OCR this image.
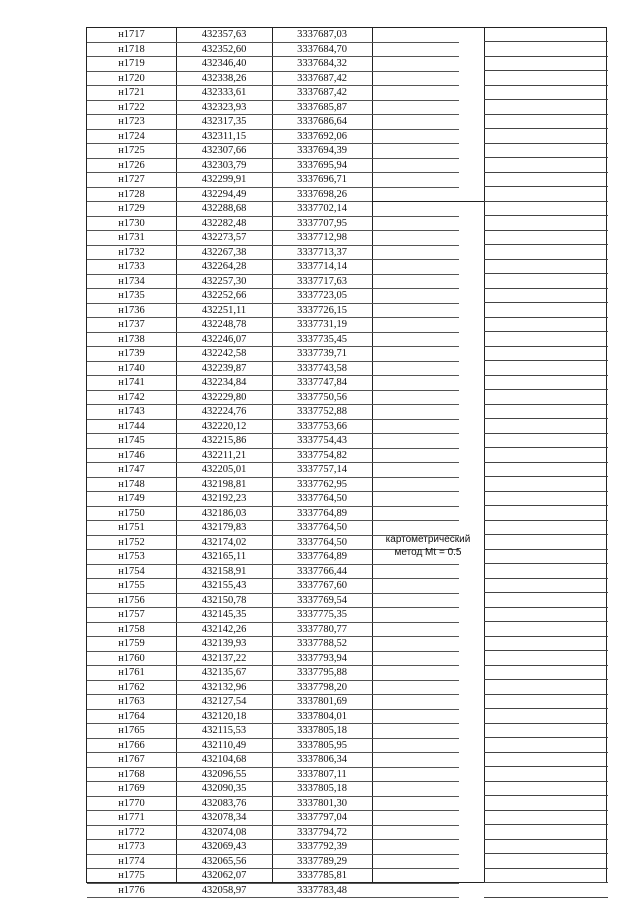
н1717	432357,63	3337687,03
н1718	432352,60	3337684,70
н1719	432346,40	3337684,32
н1720	432338,26	3337687,42
н1721	432333,61	3337687,42
н1722	432323,93	3337685,87
н1723	432317,35	3337686,64
н1724	432311,15	3337692,06
н1725	432307,66	3337694,39
н1726	432303,79	3337695,94
н1727	432299,91	3337696,71
н1728	432294,49	3337698,26
н1729	432288,68	3337702,14
н1730	432282,48	3337707,95
н1731	432273,57	3337712,98
н1732	432267,38	3337713,37
н1733	432264,28	3337714,14
н1734	432257,30	3337717,63
н1735	432252,66	3337723,05
н1736	432251,11	3337726,15
н1737	432248,78	3337731,19
н1738	432246,07	3337735,45
н1739	432242,58	3337739,71
н1740	432239,87	3337743,58
н1741	432234,84	3337747,84
н1742	432229,80	3337750,56
н1743	432224,76	3337752,88
н1744	432220,12	3337753,66
н1745	432215,86	3337754,43
н1746	432211,21	3337754,82
н1747	432205,01	3337757,14
н1748	432198,81	3337762,95
н1749	432192,23	3337764,50
н1750	432186,03	3337764,89
н1751	432179,83	3337764,50
н1752	432174,02	3337764,50
н1753	432165,11	3337764,89
н1754	432158,91	3337766,44
н1755	432155,43	3337767,60
н1756	432150,78	3337769,54
н1757	432145,35	3337775,35
н1758	432142,26	3337780,77
н1759	432139,93	3337788,52
н1760	432137,22	3337793,94
н1761	432135,67	3337795,88
н1762	432132,96	3337798,20
н1763	432127,54	3337801,69
н1764	432120,18	3337804,01
н1765	432115,53	3337805,18
н1766	432110,49	3337805,95
н1767	432104,68	3337806,34
н1768	432096,55	3337807,11
н1769	432090,35	3337805,18
н1770	432083,76	3337801,30
н1771	432078,34	3337797,04
н1772	432074,08	3337794,72
н1773	432069,43	3337792,39
н1774	432065,56	3337789,29
н1775	432062,07	3337785,81
н1776	432058,97	3337783,48
картометрический
метод Mt = 0.5
